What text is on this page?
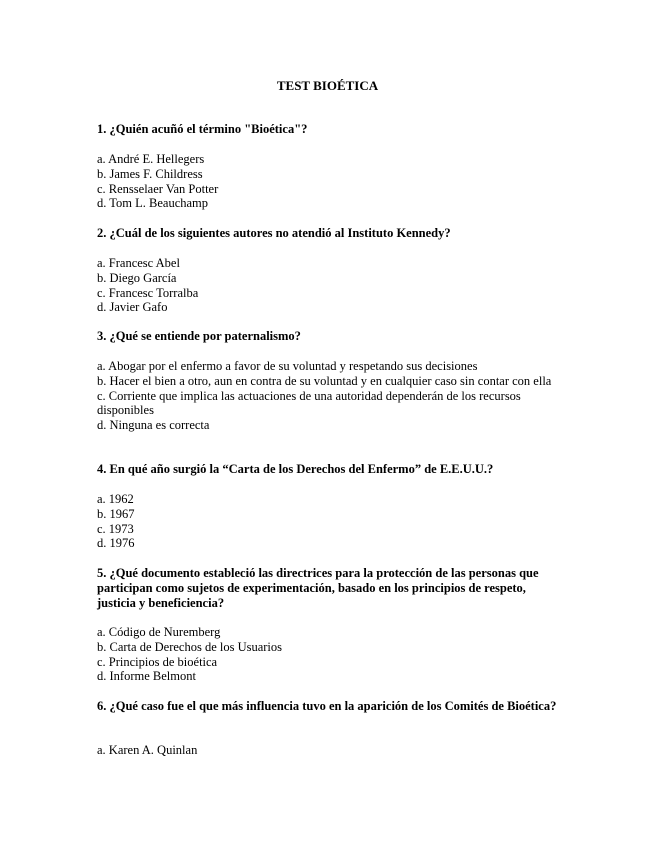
TEST BIOÉTICA
1. ¿Quién acuñó el término "Bioética"?
a. André E. Hellegers
b. James F. Childress
c. Rensselaer Van Potter
d. Tom L. Beauchamp
2. ¿Cuál de los siguientes autores no atendió al Instituto Kennedy?
a. Francesc Abel
b. Diego García
c. Francesc Torralba
d. Javier Gafo
3. ¿Qué se entiende por paternalismo?
a. Abogar por el enfermo a favor de su voluntad y respetando sus decisiones
b. Hacer el bien a otro, aun en contra de su voluntad y en cualquier caso sin contar con ella
c. Corriente que implica las actuaciones de una autoridad dependerán de los recursos disponibles
d. Ninguna es correcta
4. En qué año surgió la “Carta de los Derechos del Enfermo” de E.E.U.U.?
a. 1962
b. 1967
c. 1973
d. 1976
5. ¿Qué documento estableció las directrices para la protección de las personas que participan como sujetos de experimentación, basado en los principios de respeto, justicia y beneficiencia?
a. Código de Nuremberg
b. Carta de Derechos de los Usuarios
c. Principios de bioética
d. Informe Belmont
6. ¿Qué caso fue el que más influencia tuvo en la aparición de los Comités de Bioética?
a. Karen A. Quinlan
